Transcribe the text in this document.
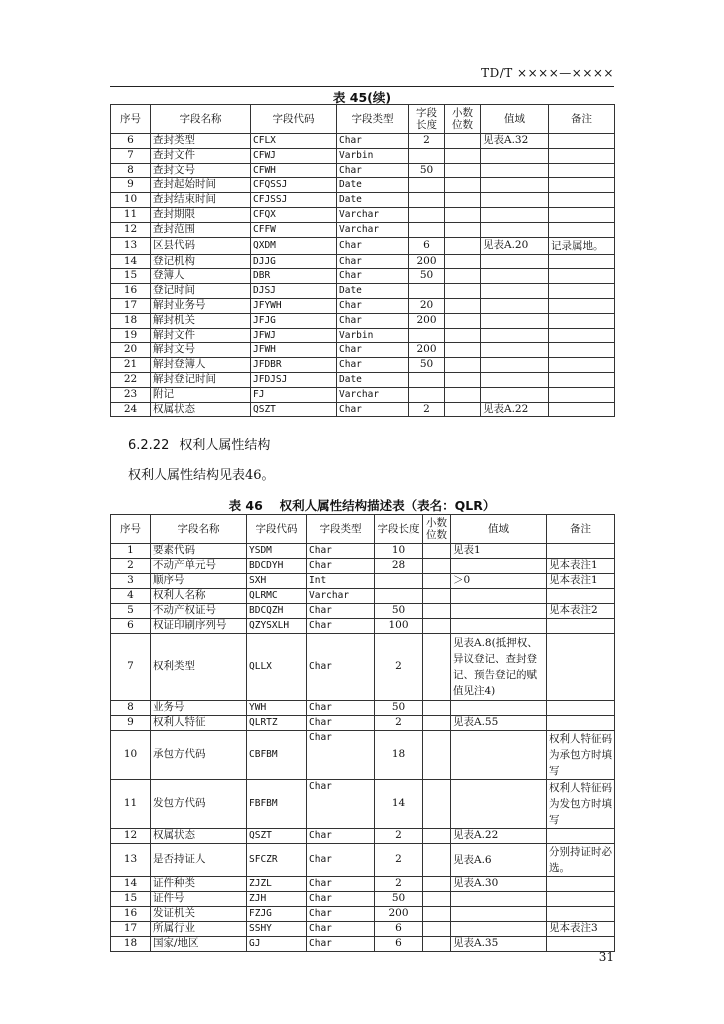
TD/T ××××—××××
表 45(续)
序号	字段名称	字段代码	字段类型	字段长度	小数位数	值域	备注
6	查封类型	CFLX	Char	2		见表A.32	
7	查封文件	CFWJ	Varbin				
8	查封文号	CFWH	Char	50			
9	查封起始时间	CFQSSJ	Date				
10	查封结束时间	CFJSSJ	Date				
11	查封期限	CFQX	Varchar				
12	查封范围	CFFW	Varchar				
13	区县代码	QXDM	Char	6		见表A.20	记录属地。
14	登记机构	DJJG	Char	200			
15	登簿人	DBR	Char	50			
16	登记时间	DJSJ	Date				
17	解封业务号	JFYWH	Char	20			
18	解封机关	JFJG	Char	200			
19	解封文件	JFWJ	Varbin				
20	解封文号	JFWH	Char	200			
21	解封登簿人	JFDBR	Char	50			
22	解封登记时间	JFDJSJ	Date				
23	附记	FJ	Varchar				
24	权属状态	QSZT	Char	2		见表A.22	
6.2.22 权利人属性结构
权利人属性结构见表46。
表 46　 权利人属性结构描述表（表名：QLR）
序号	字段名称	字段代码	字段类型	字段长度	小数位数	值域	备注
1	要素代码	YSDM	Char	10		见表1	
2	不动产单元号	BDCDYH	Char	28			见本表注1
3	顺序号	SXH	Int			＞0	见本表注1
4	权利人名称	QLRMC	Varchar				
5	不动产权证号	BDCQZH	Char	50			见本表注2
6	权证印刷序列号	QZYSXLH	Char	100			
7	权利类型	QLLX	Char	2		见表A.8(抵押权、异议登记、查封登记、预告登记的赋值见注4)	
8	业务号	YWH	Char	50			
9	权利人特征	QLRTZ	Char	2		见表A.55	
10	承包方代码	CBFBM	Char	18			权利人特征码为承包方时填写
11	发包方代码	FBFBM	Char	14			权利人特征码为发包方时填写
12	权属状态	QSZT	Char	2		见表A.22	
13	是否持证人	SFCZR	Char	2		见表A.6	分别持证时必选。
14	证件种类	ZJZL	Char	2		见表A.30	
15	证件号	ZJH	Char	50			
16	发证机关	FZJG	Char	200			
17	所属行业	SSHY	Char	6			见本表注3
18	国家/地区	GJ	Char	6		见表A.35	
31
